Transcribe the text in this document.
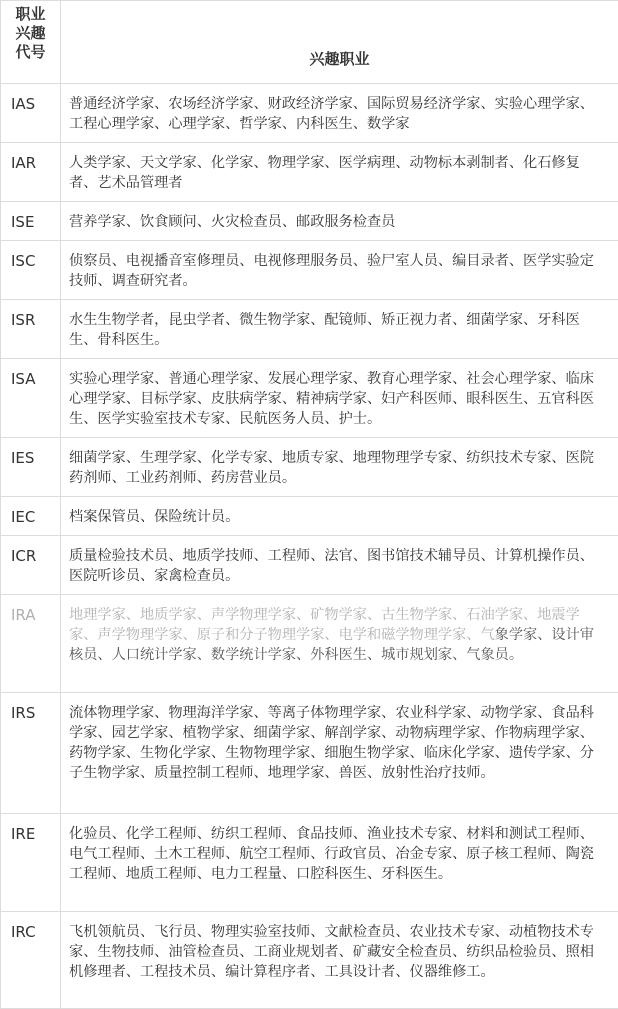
职业
兴趣
代号	兴趣职业
IAS	普通经济学家、农场经济学家、财政经济学家、国际贸易经济学家、实验心理学家、工程心理学家、心理学家、哲学家、内科医生、数学家
IAR	人类学家、天文学家、化学家、物理学家、医学病理、动物标本剥制者、化石修复者、艺术品管理者
ISE	营养学家、饮食顾问、火灾检查员、邮政服务检查员
ISC	侦察员、电视播音室修理员、电视修理服务员、验尸室人员、编目录者、医学实验定技师、调查研究者。
ISR	水生生物学者，昆虫学者、微生物学家、配镜师、矫正视力者、细菌学家、牙科医生、骨科医生。
ISA	实验心理学家、普通心理学家、发展心理学家、教育心理学家、社会心理学家、临床心理学家、目标学家、皮肤病学家、精神病学家、妇产科医师、眼科医生、五官科医生、医学实验室技术专家、民航医务人员、护士。
IES	细菌学家、生理学家、化学专家、地质专家、地理物理学专家、纺织技术专家、医院药剂师、工业药剂师、药房营业员。
IEC	档案保管员、保险统计员。
ICR	质量检验技术员、地质学技师、工程师、法官、图书馆技术辅导员、计算机操作员、医院听诊员、家禽检查员。
IRA	地理学家、地质学家、声学物理学家、矿物学家、古生物学家、石油学家、地震学家、声学物理学家、原子和分子物理学家、电学和磁学物理学家、气象学家、设计审核员、人口统计学家、数学统计学家、外科医生、城市规划家、气象员。
IRS	流体物理学家、物理海洋学家、等离子体物理学家、农业科学家、动物学家、食品科学家、园艺学家、植物学家、细菌学家、解剖学家、动物病理学家、作物病理学家、药物学家、生物化学家、生物物理学家、细胞生物学家、临床化学家、遗传学家、分子生物学家、质量控制工程师、地理学家、兽医、放射性治疗技师。
IRE	化验员、化学工程师、纺织工程师、食品技师、渔业技术专家、材料和测试工程师、电气工程师、土木工程师、航空工程师、行政官员、冶金专家、原子核工程师、陶瓷工程师、地质工程师、电力工程量、口腔科医生、牙科医生。
IRC	飞机领航员、飞行员、物理实验室技师、文献检查员、农业技术专家、动植物技术专家、生物技师、油管检查员、工商业规划者、矿藏安全检查员、纺织品检验员、照相机修理者、工程技术员、编计算程序者、工具设计者、仪器维修工。
